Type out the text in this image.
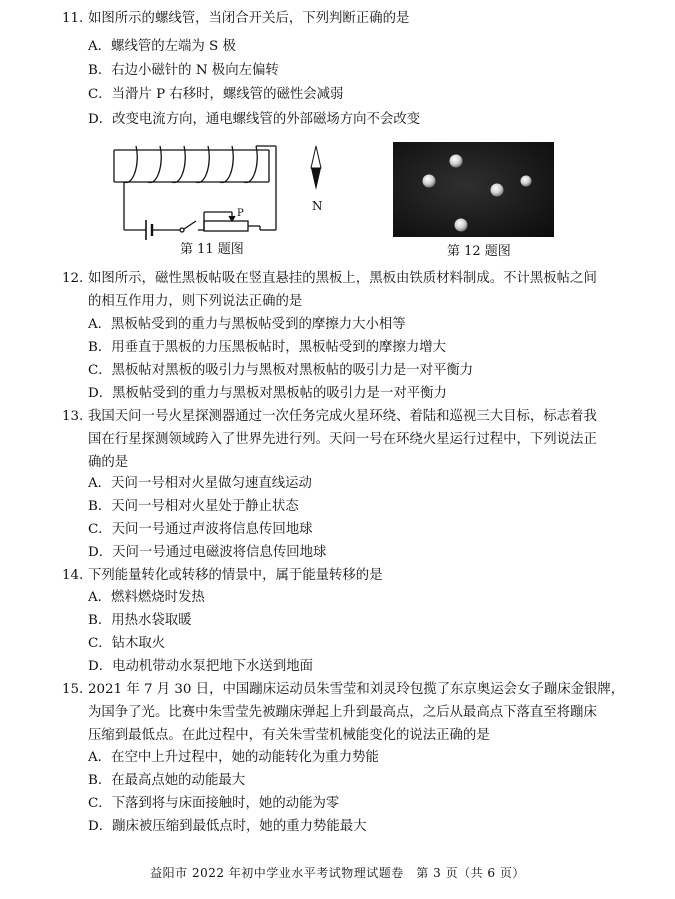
11. 如图所示的螺线管，当闭合开关后，下列判断正确的是
A．螺线管的左端为 S 极
B．右边小磁针的 N 极向左偏转
C．当滑片 P 右移时，螺线管的磁性会减弱
D．改变电流方向，通电螺线管的外部磁场方向不会改变
P
N
第 11 题图	第 12 题图
12. 如图所示，磁性黑板帖吸在竖直悬挂的黑板上，黑板由铁质材料制成。不计黑板帖之间
的相互作用力，则下列说法正确的是
A．黑板帖受到的重力与黑板帖受到的摩擦力大小相等
B．用垂直于黑板的力压黑板帖时，黑板帖受到的摩擦力增大
C．黑板帖对黑板的吸引力与黑板对黑板帖的吸引力是一对平衡力
D．黑板帖受到的重力与黑板对黑板帖的吸引力是一对平衡力
13. 我国天问一号火星探测器通过一次任务完成火星环绕、着陆和巡视三大目标，标志着我
国在行星探测领域跨入了世界先进行列。天问一号在环绕火星运行过程中，下列说法正
确的是
A．天问一号相对火星做匀速直线运动
B．天问一号相对火星处于静止状态
C．天问一号通过声波将信息传回地球
D．天问一号通过电磁波将信息传回地球
14. 下列能量转化或转移的情景中，属于能量转移的是
A．燃料燃烧时发热
B．用热水袋取暖
C．钻木取火
D．电动机带动水泵把地下水送到地面
15. 2021 年 7 月 30 日，中国蹦床运动员朱雪莹和刘灵玲包揽了东京奥运会女子蹦床金银牌，
为国争了光。比赛中朱雪莹先被蹦床弹起上升到最高点，之后从最高点下落直至将蹦床
压缩到最低点。在此过程中，有关朱雪莹机械能变化的说法正确的是
A．在空中上升过程中，她的动能转化为重力势能
B．在最高点她的动能最大
C．下落到将与床面接触时，她的动能为零
D．蹦床被压缩到最低点时，她的重力势能最大
益阳市 2022 年初中学业水平考试物理试题卷　第 3 页（共 6 页）
